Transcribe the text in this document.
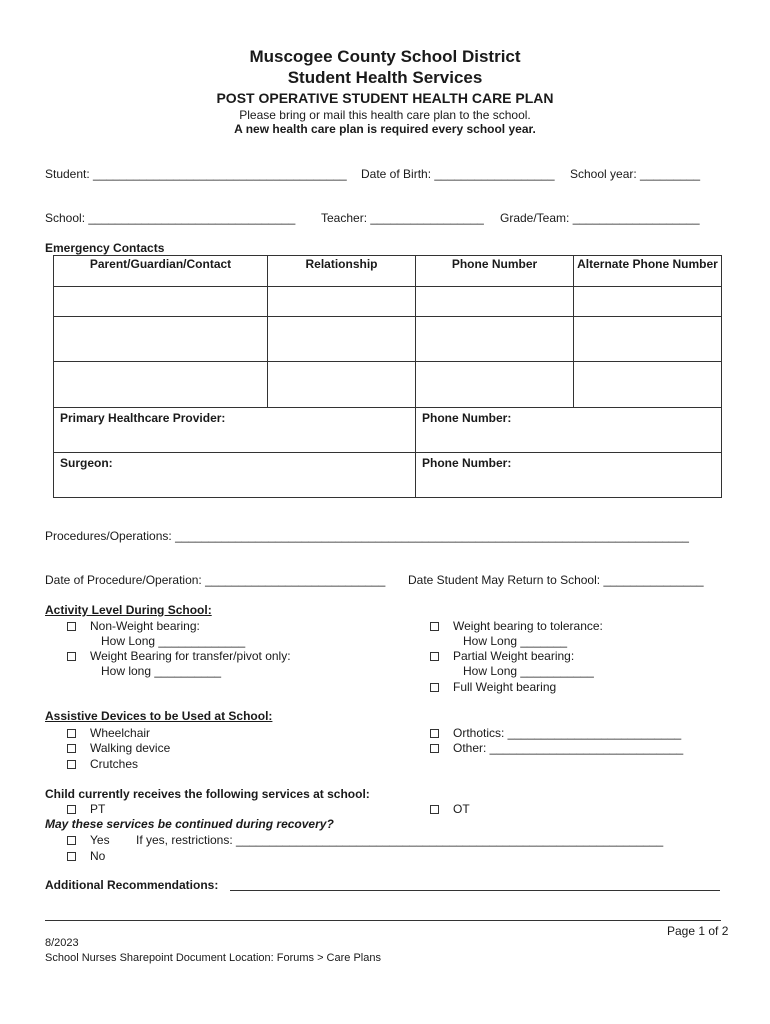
Muscogee County School District
Student Health Services
POST OPERATIVE STUDENT HEALTH CARE PLAN
Please bring or mail this health care plan to the school.
A new health care plan is required every school year.
Student: ______________________________________ Date of Birth: __________________ School year: _________
School: _______________________________ Teacher: _________________ Grade/Team: ___________________
Emergency Contacts
Parent/Guardian/Contact	Relationship	Phone Number	Alternate Phone Number

Primary Healthcare Provider:		Phone Number:	
Surgeon:		Phone Number:	
Procedures/Operations: _____________________________________________________________________________
Date of Procedure/Operation: ___________________________ Date Student May Return to School: _______________
Activity Level During School:
Non-Weight bearing:
How Long _____________
Weight Bearing for transfer/pivot only:
How long __________
Weight bearing to tolerance:
How Long _______
Partial Weight bearing:
How Long ___________
Full Weight bearing
Assistive Devices to be Used at School:
Wheelchair
Walking device
Crutches
Orthotics: __________________________
Other: _____________________________
Child currently receives the following services at school:
PT	OT
May these services be continued during recovery?
Yes If yes, restrictions: ________________________________________________________________
No
Additional Recommendations:
Page 1 of 2
8/2023
School Nurses Sharepoint Document Location: Forums > Care Plans
